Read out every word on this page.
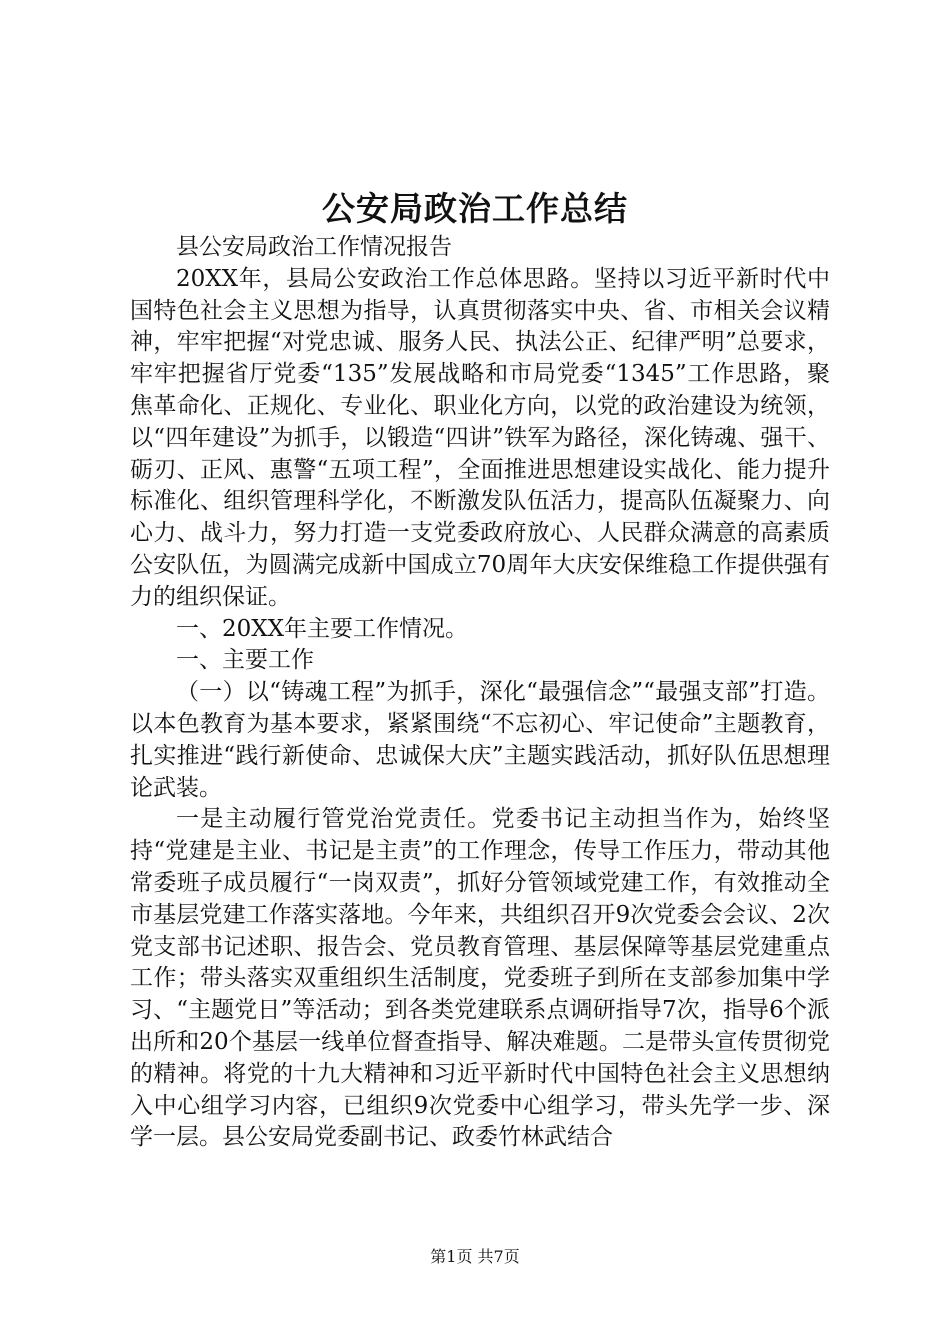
公安局政治工作总结

县公安局政治工作情况报告

20XX年，县局公安政治工作总体思路。坚持以习近平新时代中国特色社会主义思想为指导，认真贯彻落实中央、省、市相关会议精神，牢牢把握“对党忠诚、服务人民、执法公正、纪律严明”总要求，牢牢把握省厅党委“135”发展战略和市局党委“1345”工作思路，聚焦革命化、正规化、专业化、职业化方向，以党的政治建设为统领，以“四年建设”为抓手，以锻造“四讲”铁军为路径，深化铸魂、强干、砺刃、正风、惠警“五项工程”，全面推进思想建设实战化、能力提升标准化、组织管理科学化，不断激发队伍活力，提高队伍凝聚力、向心力、战斗力，努力打造一支党委政府放心、人民群众满意的高素质公安队伍，为圆满完成新中国成立70周年大庆安保维稳工作提供强有力的组织保证。

一、20XX年主要工作情况。

一、主要工作

（一）以“铸魂工程”为抓手，深化“最强信念”“最强支部”打造。以本色教育为基本要求，紧紧围绕“不忘初心、牢记使命”主题教育，扎实推进“践行新使命、忠诚保大庆”主题实践活动，抓好队伍思想理论武装。

一是主动履行管党治党责任。党委书记主动担当作为，始终坚持“党建是主业、书记是主责”的工作理念，传导工作压力，带动其他常委班子成员履行“一岗双责”，抓好分管领域党建工作，有效推动全市基层党建工作落实落地。今年来，共组织召开9次党委会会议、2次党支部书记述职、报告会、党员教育管理、基层保障等基层党建重点工作；带头落实双重组织生活制度，党委班子到所在支部参加集中学习、“主题党日”等活动；到各类党建联系点调研指导7次，指导6个派出所和20个基层一线单位督查指导、解决难题。二是带头宣传贯彻党的精神。将党的十九大精神和习近平新时代中国特色社会主义思想纳入中心组学习内容，已组织9次党委中心组学习，带头先学一步、深学一层。县公安局党委副书记、政委竹林武结合

第1页 共7页
